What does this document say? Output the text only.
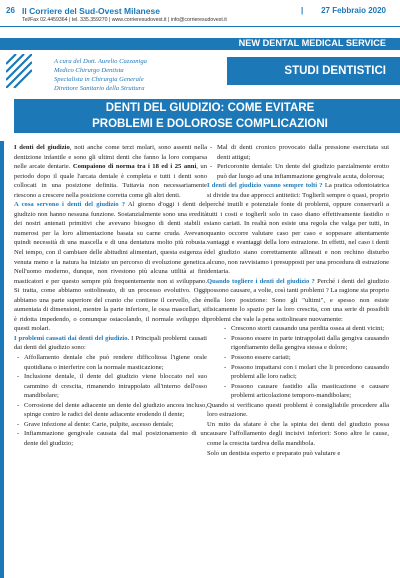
26 Il Corriere del Sud-Ovest Milanese
Tel/Fax 02.4459364 | tel. 335.359270 | www.corrieresudovest.it | info@corrieresudovest.it
| 27 Febbraio 2020
NEW DENTAL MEDICAL SERVICE
A cura del Dott. Aurelio Cazzaniga
Medico Chirurgo Dentista
Specialista in Chirurgia Generale
Direttore Sanitario della Struttura
STUDI DENTISTICI
DENTI DEL GIUDIZIO: COME EVITARE
PROBLEMI E DOLOROSE COMPLICAZIONI

I denti del giudizio, noti anche come terzi molari, sono assenti nella dentizione infantile e sono gli ultimi denti che fanno la loro comparsa nelle arcate dentarie. Compaiono di norma tra i 18 ed i 25 anni, un periodo dopo il quale l'arcata dentale è completa e tutti i denti sono collocati in una posizione definita. Tuttavia non necessariamente riescono a crescere nella posizione corretta come gli altri denti.

A cosa servono i denti del giudizio ? Al giorno d'oggi i denti del giudizio non hanno nessuna funzione. Sostanzialmente sono una eredità dei nostri antenati primitivi che avevano bisogno di denti stabili e numerosi per la loro alimentazione basata su carne cruda. Avevano quindi necessità di una mascella e di una dentatura molto più robusta. Nel tempo, con il cambiare delle abitudini alimentari, questa esigenza è venuta meno e la natura ha iniziato un percorso di evoluzione genetica. Nell'uomo moderno, dunque, non rivestono più alcuna utilità ai fini masticatori e per questo sempre più frequentemente non si sviluppano. Si tratta, come abbiamo sottolineato, di un processo evolutivo. Oggi abbiamo una parte superiore del cranio che contiene il cervello, che è aumentata di dimensioni, mentre la parte inferiore, le ossa mascellari, si è ridotta impedendo, o comunque ostacolando, il normale sviluppo di questi molari.

I problemi causati dai denti del giudizio. I Principali problemi causati dai denti del giudizio sono:

- Affollamento dentale che può rendere difficoltosa l'igiene orale quotidiana o interferire con la normale masticazione;
- Inclusione dentale, il dente del giudizio viene bloccato nel suo cammino di crescita, rimanendo intrappolato all'interno dell'osso mandibolare;
- Corrosione del dente adiacente un dente del giudizio ancora incluso, spinge contro le radici del dente adiacente erodendo il dente;
- Grave infezione al dente: Carie, pulpite, ascesso dentale;
- Infiammazione gengivale causata dal mal posizionamento di un dente del giudizio;
- Mal di denti cronico provocato dalla pressione esercitata sui denti attigui;
- Pericoronite dentale: Un dente del giudizio parzialmente erotto può dar luogo ad una infiammazione gengivale acuta, dolorosa;

I denti del giudizio vanno sempre tolti ? La pratica odontoiatrica si divide tra due approcci antitetici: Toglierli sempre o quasi, proprio perché inutili e potenziale fonte di problemi, oppure conservarli a tutti i costi e toglierli solo in caso diano effettivamente fastidio o siano cariati. In realtà non esiste una regola che valga per tutti, in quanto occorre valutare caso per caso e soppesare attentamente vantaggi e svantaggi della loro estrazione. In effetti, nel caso i denti del giudizio siano correttamente allineati e non rechino disturbo alcuno, non ravvisiamo i presupposti per una procedura di estrazione dentaria.

Quando togliere i denti del giudizio ? Perché i denti del giudizio possono causare, a volte, così tanti problemi ? La ragione sta proprio nella loro posizione: Sono gli "ultimi", e spesso non esiste fisicamente lo spazio per la loro crescita, con una serie di possibili problemi che vale la pena sottolineare nuovamente:

- Crescono storti causando una perdita ossea ai denti vicini;
- Possono essere in parte intrappolati dalla gengiva causando rigonfiamento della gengiva stessa e dolore;
- Possono essere cariati;
- Possono impattarsi con i molari che li precedono causando problemi alle loro radici;
- Possono causare fastidio alla masticazione e causare problemi articolazione temporo-mandibolare;

Quando si verificano questi problemi è consigliabile procedere alla loro estrazione.

Un mito da sfatare è che la spinta dei denti del giudizio possa causare l'affollamento degli incisivi inferiori: Sono altre le cause, come la crescita tardiva della mandibola.

Solo un dentista esperto e preparato può valutare e
